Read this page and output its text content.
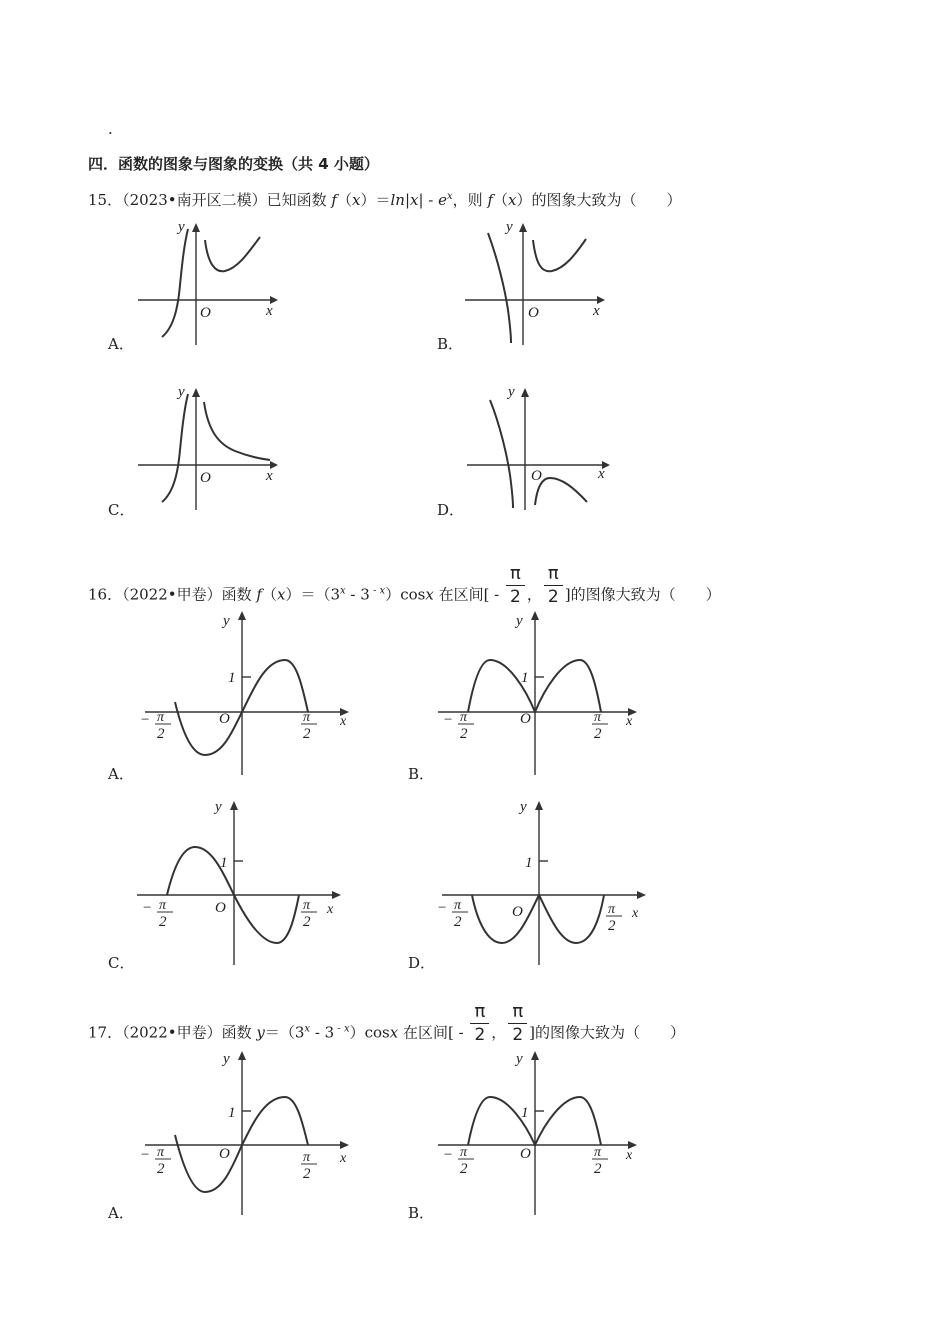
.
四．函数的图象与图象的变换（共 4 小题）
15．（2023•南开区二模）已知函数 $f(x)=\ln|x| - e^x$，则 f（x）的图象大致为（　　）
y
O	x
A．
y
O	x
B．
y
O	x
C．
y
O	x
D．
16．（2022•甲卷）函数 $f(x)=(3^x - 3$ $^{- x}$）cosx 在区间[ - $\frac{\pi}{2}$ ， $\frac{\pi}{2}$ ]的图像大致为（　　）
y
1
O	x
− π
2
π
2
A．
y
1
O	x
− π
2
π
2
B．
y
1
O	x
− π
2
π
2
C．
y
1
O	x
− π
2
π
2
D．
17．（2022•甲卷）函数 $y=(3^x - 3$ $^{- x}$）cosx 在区间[ - $\frac{\pi}{2}$ ， $\frac{\pi}{2}$ ]的图像大致为（　　）
y
1
O	x
− π
2
π
2
A．
y
1
O	x
− π
2
π
2
B．
